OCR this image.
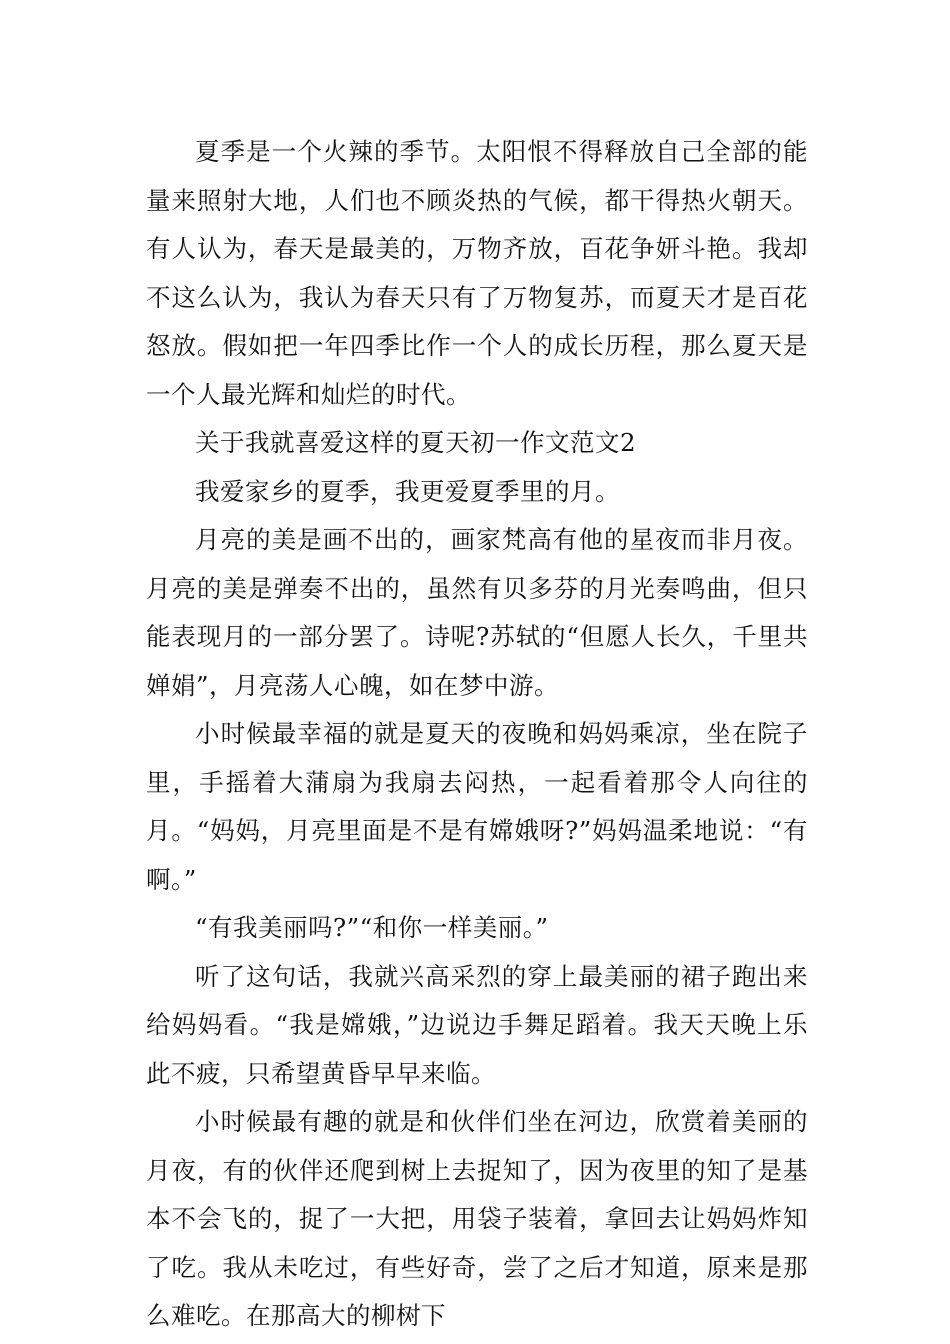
夏季是一个火辣的季节。太阳恨不得释放自己全部的能量来照射大地，人们也不顾炎热的气候，都干得热火朝天。有人认为，春天是最美的，万物齐放，百花争妍斗艳。我却不这么认为，我认为春天只有了万物复苏，而夏天才是百花怒放。假如把一年四季比作一个人的成长历程，那么夏天是一个人最光辉和灿烂的时代。

关于我就喜爱这样的夏天初一作文范文2

我爱家乡的夏季，我更爱夏季里的月。

月亮的美是画不出的，画家梵高有他的星夜而非月夜。月亮的美是弹奏不出的，虽然有贝多芬的月光奏鸣曲，但只能表现月的一部分罢了。诗呢?苏轼的“但愿人长久，千里共婵娟”，月亮荡人心魄，如在梦中游。

小时候最幸福的就是夏天的夜晚和妈妈乘凉，坐在院子里，手摇着大蒲扇为我扇去闷热，一起看着那令人向往的月。“妈妈，月亮里面是不是有嫦娥呀?”妈妈温柔地说：“有啊。”

“有我美丽吗?”“和你一样美丽。”

听了这句话，我就兴高采烈的穿上最美丽的裙子跑出来给妈妈看。“我是嫦娥，”边说边手舞足蹈着。我天天晚上乐此不疲，只希望黄昏早早来临。

小时候最有趣的就是和伙伴们坐在河边，欣赏着美丽的月夜，有的伙伴还爬到树上去捉知了，因为夜里的知了是基本不会飞的，捉了一大把，用袋子装着，拿回去让妈妈炸知了吃。我从未吃过，有些好奇，尝了之后才知道，原来是那么难吃。在那高大的柳树下
